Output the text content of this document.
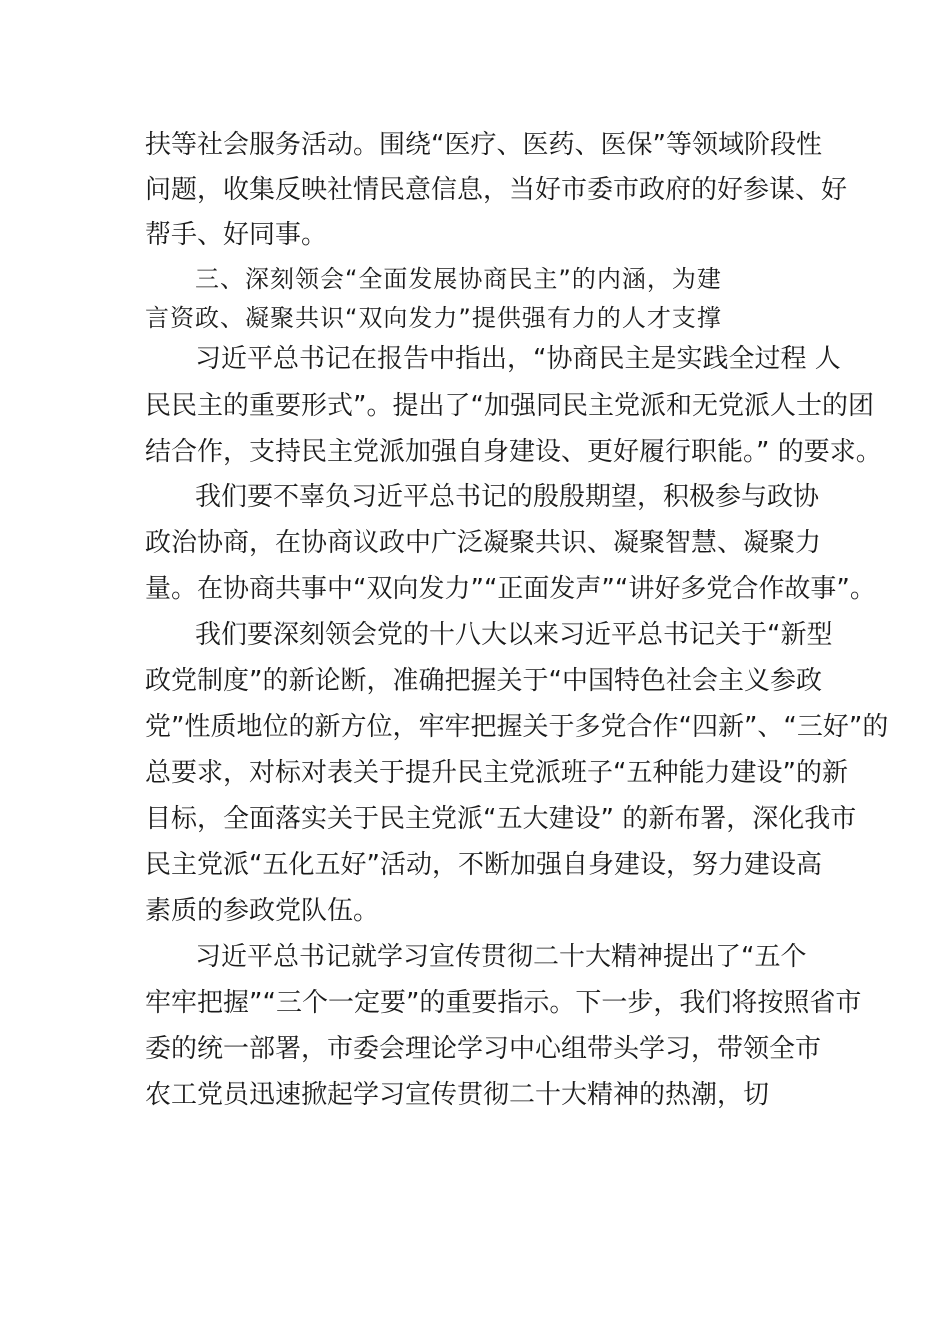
扶等社会服务活动。围绕“医疗、医药、医保”等领域阶段性
问题，收集反映社情民意信息，当好市委市政府的好参谋、好
帮手、好同事。
三、深刻领会“全面发展协商民主”的内涵，为建
言资政、凝聚共识“双向发力”提供强有力的人才支撑
习近平总书记在报告中指出，“协商民主是实践全过程 人
民民主的重要形式”。提出了“加强同民主党派和无党派人士的团
结合作，支持民主党派加强自身建设、更好履行职能。” 的要求。
我们要不辜负习近平总书记的殷殷期望，积极参与政协
政治协商，在协商议政中广泛凝聚共识、凝聚智慧、凝聚力
量。在协商共事中“双向发力”“正面发声”“讲好多党合作故事”。
我们要深刻领会党的十八大以来习近平总书记关于“新型
政党制度”的新论断，准确把握关于“中国特色社会主义参政
党”性质地位的新方位，牢牢把握关于多党合作“四新”、“三好”的
总要求，对标对表关于提升民主党派班子“五种能力建设”的新
目标，全面落实关于民主党派“五大建设” 的新布署，深化我市
民主党派“五化五好”活动，不断加强自身建设，努力建设高
素质的参政党队伍。
习近平总书记就学习宣传贯彻二十大精神提出了“五个
牢牢把握”“三个一定要”的重要指示。下一步，我们将按照省市
委的统一部署，市委会理论学习中心组带头学习，带领全市
农工党员迅速掀起学习宣传贯彻二十大精神的热潮，切
